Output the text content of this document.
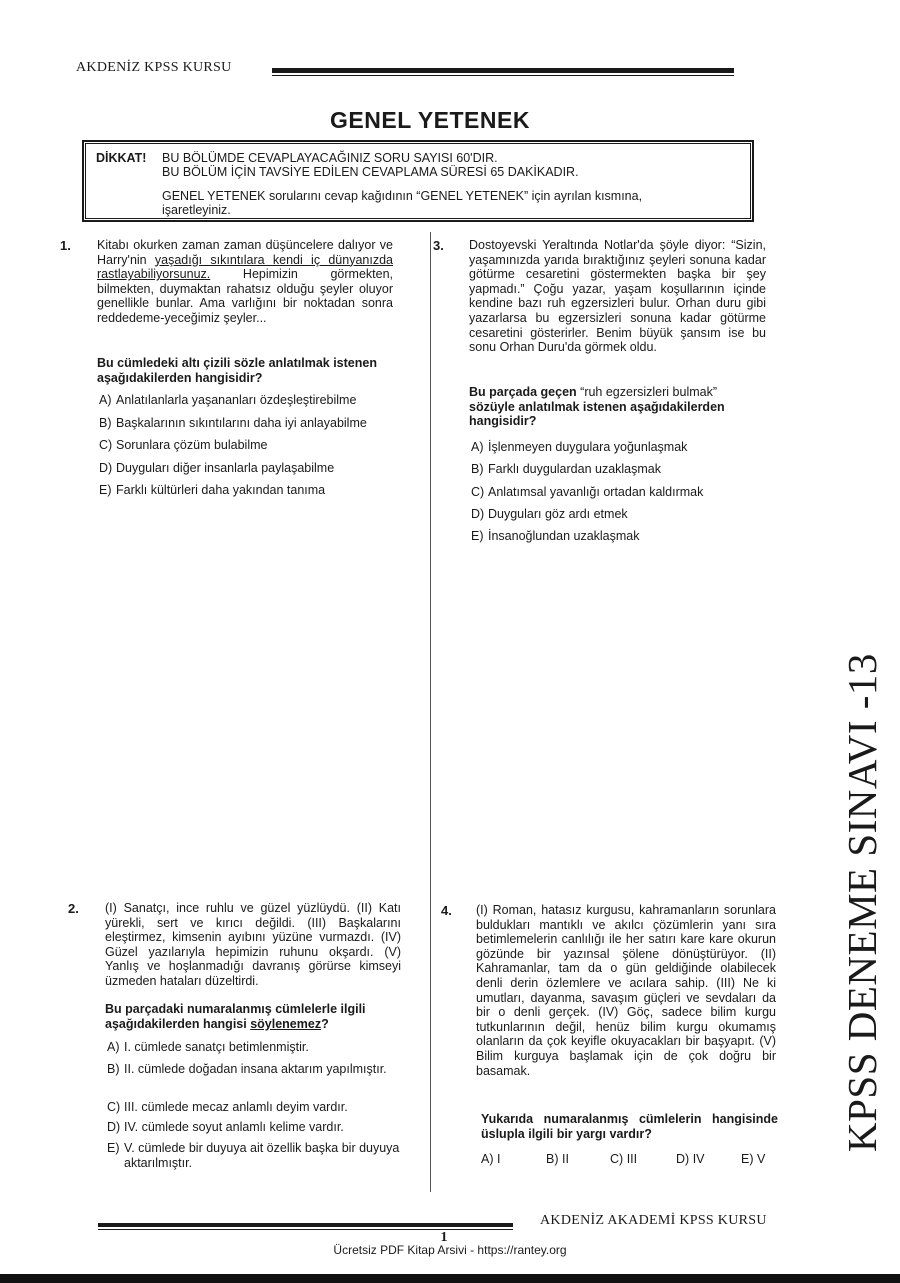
AKDENİZ KPSS KURSU
GENEL YETENEK
DİKKAT! BU BÖLÜMDE CEVAPLAYACAĞINIZ SORU SAYISI 60'DIR.
BU BÖLÜM İÇİN TAVSİYE EDİLEN CEVAPLAMA SÜRESİ 65 DAKİKADIR.
GENEL YETENEK sorularını cevap kağıdının “GENEL YETENEK” için ayrılan kısmına,
işaretleyiniz.
1. Kitabı okurken zaman zaman düşüncelere dalıyor ve Harry'nin yaşadığı sıkıntılara kendi iç dünyanızda rastlayabiliyorsunuz. Hepimizin görmekten, bilmekten, duymaktan rahatsız olduğu şeyler oluyor genellikle bunlar. Ama varlığını bir noktadan sonra reddedeme-yeceğimiz şeyler...
Bu cümledeki altı çizili sözle anlatılmak istenen aşağıdakilerden hangisidir?
A) Anlatılanlarla yaşananları özdeşleştirebilme
B) Başkalarının sıkıntılarını daha iyi anlayabilme
C) Sorunlara çözüm bulabilme
D) Duyguları diğer insanlarla paylaşabilme
E) Farklı kültürleri daha yakından tanıma
2. (I) Sanatçı, ince ruhlu ve güzel yüzlüydü. (II) Katı yürekli, sert ve kırıcı değildi. (III) Başkalarını eleştirmez, kimsenin ayıbını yüzüne vurmazdı. (IV) Güzel yazılarıyla hepimizin ruhunu okşardı. (V) Yanlış ve hoşlanmadığı davranış görürse kimseyi üzmeden hataları düzeltirdi.
Bu parçadaki numaralanmış cümlelerle ilgili aşağıdakilerden hangisi söylenemez?
A) I. cümlede sanatçı betimlenmiştir.
B) II. cümlede doğadan insana aktarım yapılmıştır.
C) III. cümlede mecaz anlamlı deyim vardır.
D) IV. cümlede soyut anlamlı kelime vardır.
E) V. cümlede bir duyuya ait özellik başka bir duyuya aktarılmıştır.
3. Dostoyevski Yeraltında Notlar'da şöyle diyor: “Sizin, yaşamınızda yarıda bıraktığınız şeyleri sonuna kadar götürme cesaretini göstermekten başka bir şey yapmadı.” Çoğu yazar, yaşam koşullarının içinde kendine bazı ruh egzersizleri bulur. Orhan duru gibi yazarlarsa bu egzersizleri sonuna kadar götürme cesaretini gösterirler. Benim büyük şansım ise bu sonu Orhan Duru'da görmek oldu.
Bu parçada geçen “ruh egzersizleri bulmak” sözüyle anlatılmak istenen aşağıdakilerden hangisidir?
A) İşlenmeyen duygulara yoğunlaşmak
B) Farklı duygulardan uzaklaşmak
C) Anlatımsal yavanlığı ortadan kaldırmak
D) Duyguları göz ardı etmek
E) İnsanoğlundan uzaklaşmak
4. (I) Roman, hatasız kurgusu, kahramanların sorunlara buldukları mantıklı ve akılcı çözümlerin yanı sıra betimlemelerin canlılığı ile her satırı kare kare okurun gözünde bir yazınsal şölene dönüştürüyor. (II) Kahramanlar, tam da o gün geldiğinde olabilecek denli derin özlemlere ve acılara sahip. (III) Ne ki umutları, dayanma, savaşım güçleri ve sevdaları da bir o denli gerçek. (IV) Göç, sadece bilim kurgu tutkunlarının değil, henüz bilim kurgu okumamış olanların da çok keyifle okuyacakları bir başyapıt. (V) Bilim kurguya başlamak için de çok doğru bir basamak.
Yukarıda numaralanmış cümlelerin hangisinde üslupla ilgili bir yargı vardır?
A) I	B) II	C) III	D) IV	E) V
KPSS DENEME SINAVI -13
AKDENİZ AKADEMİ KPSS KURSU
1
Ücretsiz PDF Kitap Arsivi - https://rantey.org
